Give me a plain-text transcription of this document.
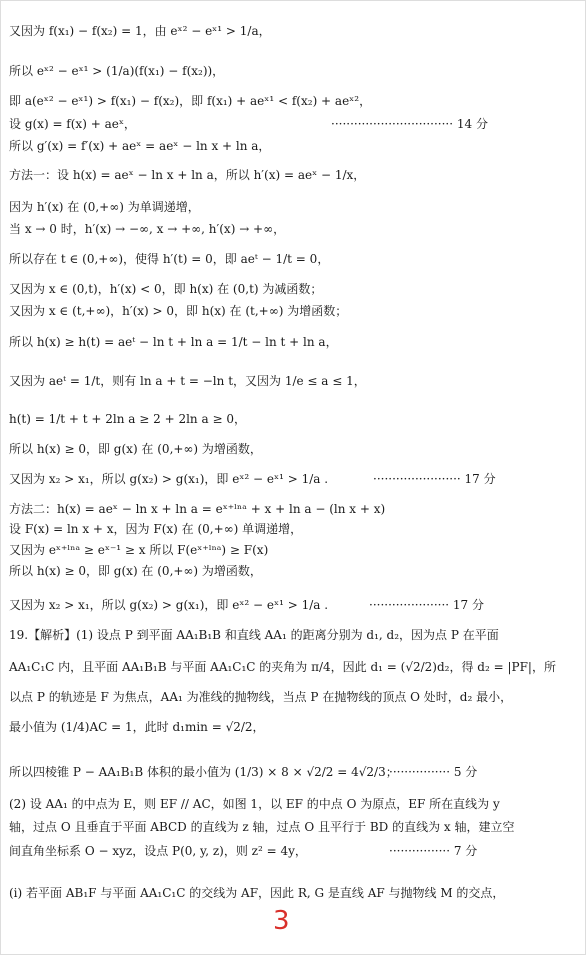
又因为 f(x₁) − f(x₂) = 1，由 eˣ² − eˣ¹ > 1/a，
所以 eˣ² − eˣ¹ > (1/a)(f(x₁) − f(x₂))，
即 a(eˣ² − eˣ¹) > f(x₁) − f(x₂)，即 f(x₁) + aeˣ¹ < f(x₂) + aeˣ²，
设 g(x) = f(x) + aeˣ，
所以 g′(x) = f′(x) + aeˣ = aeˣ − ln x + ln a，
方法一：设 h(x) = aeˣ − ln x + ln a，所以 h′(x) = aeˣ − 1/x，
因为 h′(x) 在 (0,+∞) 为单调递增，
当 x → 0 时，h′(x) → −∞, x → +∞, h′(x) → +∞，
所以存在 t ∈ (0,+∞)，使得 h′(t) = 0，即 aeᵗ − 1/t = 0，
又因为 x ∈ (0,t)，h′(x) < 0，即 h(x) 在 (0,t) 为减函数；
又因为 x ∈ (t,+∞)，h′(x) > 0，即 h(x) 在 (t,+∞) 为增函数；
所以 h(x) ≥ h(t) = aeᵗ − ln t + ln a = 1/t − ln t + ln a，
又因为 aeᵗ = 1/t，则有 ln a + t = −ln t，又因为 1/e ≤ a ≤ 1，
h(t) = 1/t + t + 2ln a ≥ 2 + 2ln a ≥ 0，
所以 h(x) ≥ 0，即 g(x) 在 (0,+∞) 为增函数，
又因为 x₂ > x₁，所以 g(x₂) > g(x₁)，即 eˣ² − eˣ¹ > 1/a .
方法二：h(x) = aeˣ − ln x + ln a = eˣ⁺ˡⁿᵃ + x + ln a − (ln x + x)
设 F(x) = ln x + x，因为 F(x) 在 (0,+∞) 单调递增，
又因为 eˣ⁺ˡⁿᵃ ≥ eˣ⁻¹ ≥ x 所以 F(eˣ⁺ˡⁿᵃ) ≥ F(x)
所以 h(x) ≥ 0，即 g(x) 在 (0,+∞) 为增函数，
又因为 x₂ > x₁，所以 g(x₂) > g(x₁)，即 eˣ² − eˣ¹ > 1/a .
19.【解析】(1) 设点 P 到平面 AA₁B₁B 和直线 AA₁ 的距离分别为 d₁, d₂，因为点 P 在平面
AA₁C₁C 内，且平面 AA₁B₁B 与平面 AA₁C₁C 的夹角为 π/4，因此 d₁ = (√2/2)d₂，得 d₂ = |PF|，所
以点 P 的轨迹是 F 为焦点，AA₁ 为准线的抛物线，当点 P 在抛物线的顶点 O 处时，d₂ 最小，
最小值为 (1/4)AC = 1，此时 d₁min = √2/2，
所以四棱锥 P − AA₁B₁B 体积的最小值为 (1/3) × 8 × √2/2 = 4√2/3；
(2) 设 AA₁ 的中点为 E，则 EF // AC，如图 1，以 EF 的中点 O 为原点，EF 所在直线为 y
轴，过点 O 且垂直于平面 ABCD 的直线为 z 轴，过点 O 且平行于 BD 的直线为 x 轴，建立空
间直角坐标系 O − xyz，设点 P(0, y, z)，则 z² = 4y，
(i) 若平面 AB₁F 与平面 AA₁C₁C 的交线为 AF，因此 R, G 是直线 AF 与抛物线 M 的交点，
································ 14 分
······················· 17 分
····················· 17 分
················ 5 分
················ 7 分
3
